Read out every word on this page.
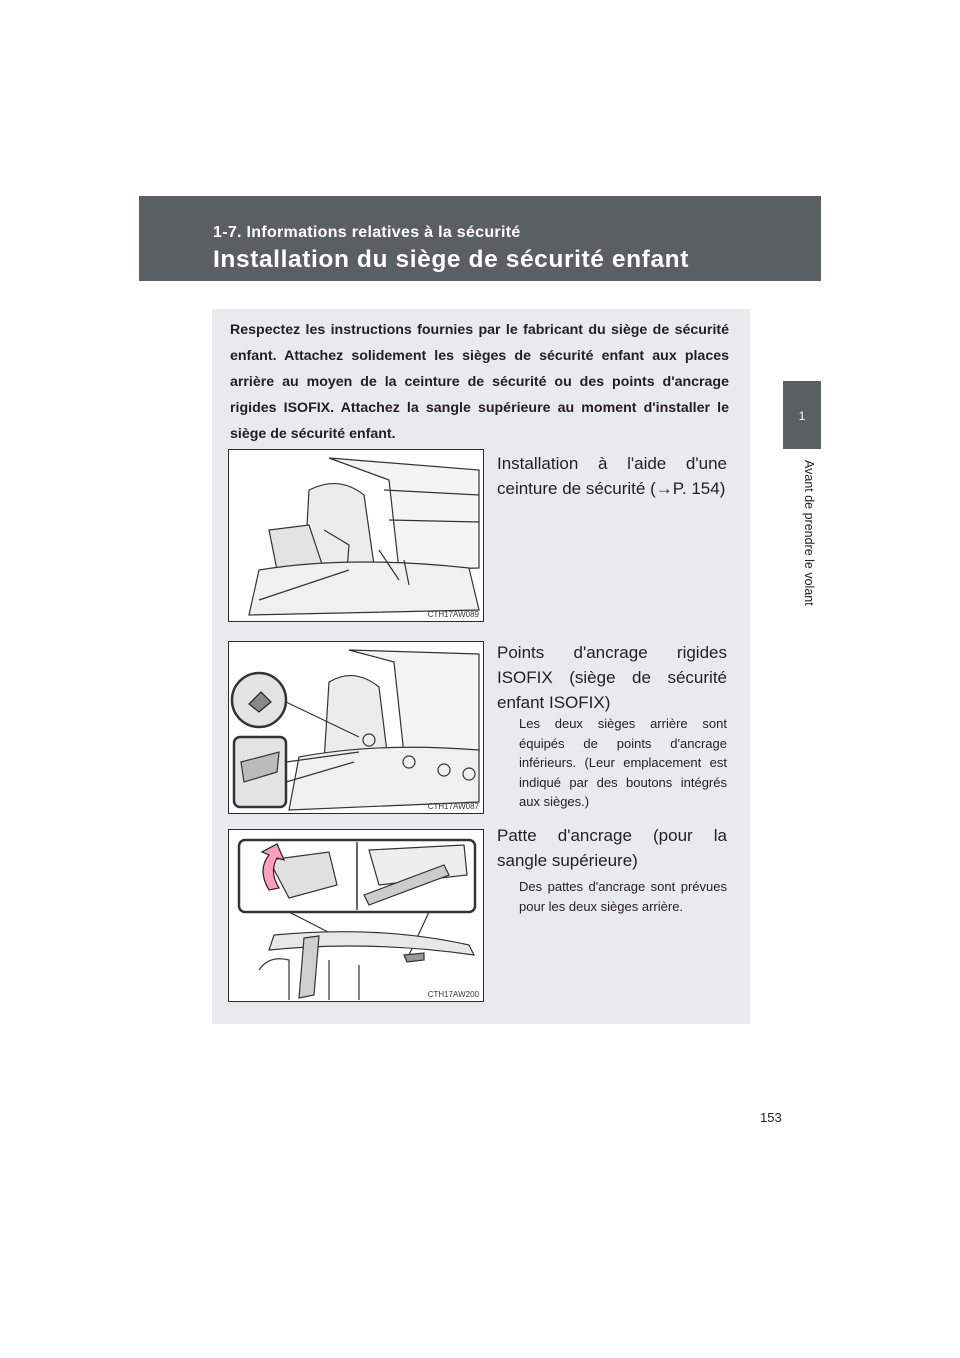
1-7. Informations relatives à la sécurité
Installation du siège de sécurité enfant
1
Avant de prendre le volant
Respectez les instructions fournies par le fabricant du siège de sécurité enfant. Attachez solidement les sièges de sécurité enfant aux places arrière au moyen de la ceinture de sécurité ou des points d'ancrage rigides ISOFIX. Attachez la sangle supérieure au moment d'installer le siège de sécurité enfant.
CTH17AW089
Installation à l'aide d'une ceinture de sécurité (→P. 154)
CTH17AW087
Points d'ancrage rigides ISOFIX (siège de sécurité enfant ISOFIX)
Les deux sièges arrière sont équipés de points d'ancrage inférieurs. (Leur emplacement est indiqué par des boutons intégrés aux sièges.)
CTH17AW200
Patte d'ancrage (pour la sangle supérieure)
Des pattes d'ancrage sont prévues pour les deux sièges arrière.
153
